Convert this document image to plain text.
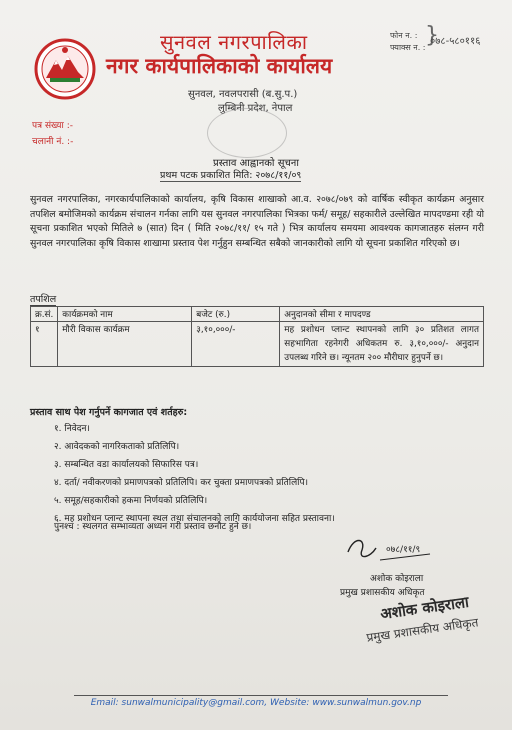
सुनवल नगरपालिका
नगर कार्यपालिकाको कार्यालय
सुनवल, नवलपरासी (ब.सु.प.)
लुम्बिनी प्रदेश, नेपाल
फोन न. :
फ्याक्स न. : }
०७८-५८०११६
पत्र संख्या :-
चलानी नं. :-
प्रस्ताव आह्वानको सूचना
प्रथम पटक प्रकाशित मिति: २०७८/११/०९
सुनवल नगरपालिका, नगरकार्यपालिकाको कार्यालय, कृषि विकास शाखाको आ.व. २०७८/०७९ को वार्षिक स्वीकृत कार्यक्रम अनुसार तपशिल बमोजिमको कार्यक्रम संचालन गर्नका लागि यस सुनवल नगरपालिका भित्रका फर्म/ समूह/ सहकारीले उल्लेखित मापदण्डमा रही यो सूचना प्रकाशित भएको मितिले ७ (सात) दिन ( मिति २०७८/११/ १५ गते ) भित्र कार्यालय समयमा आवश्यक कागजातहरु संलग्न गरी सुनवल नगरपालिका कृषि विकास शाखामा प्रस्ताव पेश गर्नुहुन सम्बन्धित सबैको जानकारीको लागि यो सूचना प्रकाशित गरिएको छ।
तपशिल
क्र.सं.	कार्यक्रमको नाम	बजेट (रु.)	अनुदानको सीमा र मापदण्ड
१	मौरी विकास कार्यक्रम	३,१०,०००/-	मह प्रशोधन प्लान्ट स्थापनको लागि ३० प्रतिशत लागत सहभागिता रहनेगरी अधिकतम रु. ३,१०,०००/- अनुदान उपलब्ध गरिने छ। न्यूनतम २०० मौरीघार हुनुपर्ने छ।
प्रस्ताव साथ पेश गर्नुपर्ने कागजात एवं शर्तहरु:
१. निवेदन।
२. आवेदकको नागरिकताको प्रतिलिपि।
३. सम्बन्धित वडा कार्यालयको सिफारिस पत्र।
४. दर्ता/ नवीकरणको प्रमाणपत्रको प्रतिलिपि। कर चुक्ता प्रमाणपत्रको प्रतिलिपि।
५. समूह/सहकारीको हकमा निर्णयको प्रतिलिपि।
६. मह प्रशोधन प्लान्ट स्थापना स्थल तथा संचालनको लागि कार्ययोजना सहित प्रस्तावना।
पुनश्च : स्थलगत सम्भाव्यता अध्यन गरी प्रस्ताव छनौट हुने छ।
०७८/११/९
अशोक कोइराला
प्रमुख प्रशासकीय अधिकृत
अशोक कोइराला
प्रमुख प्रशासकीय अधिकृत
Email: sunwalmunicipality@gmail.com, Website: www.sunwalmun.gov.np
